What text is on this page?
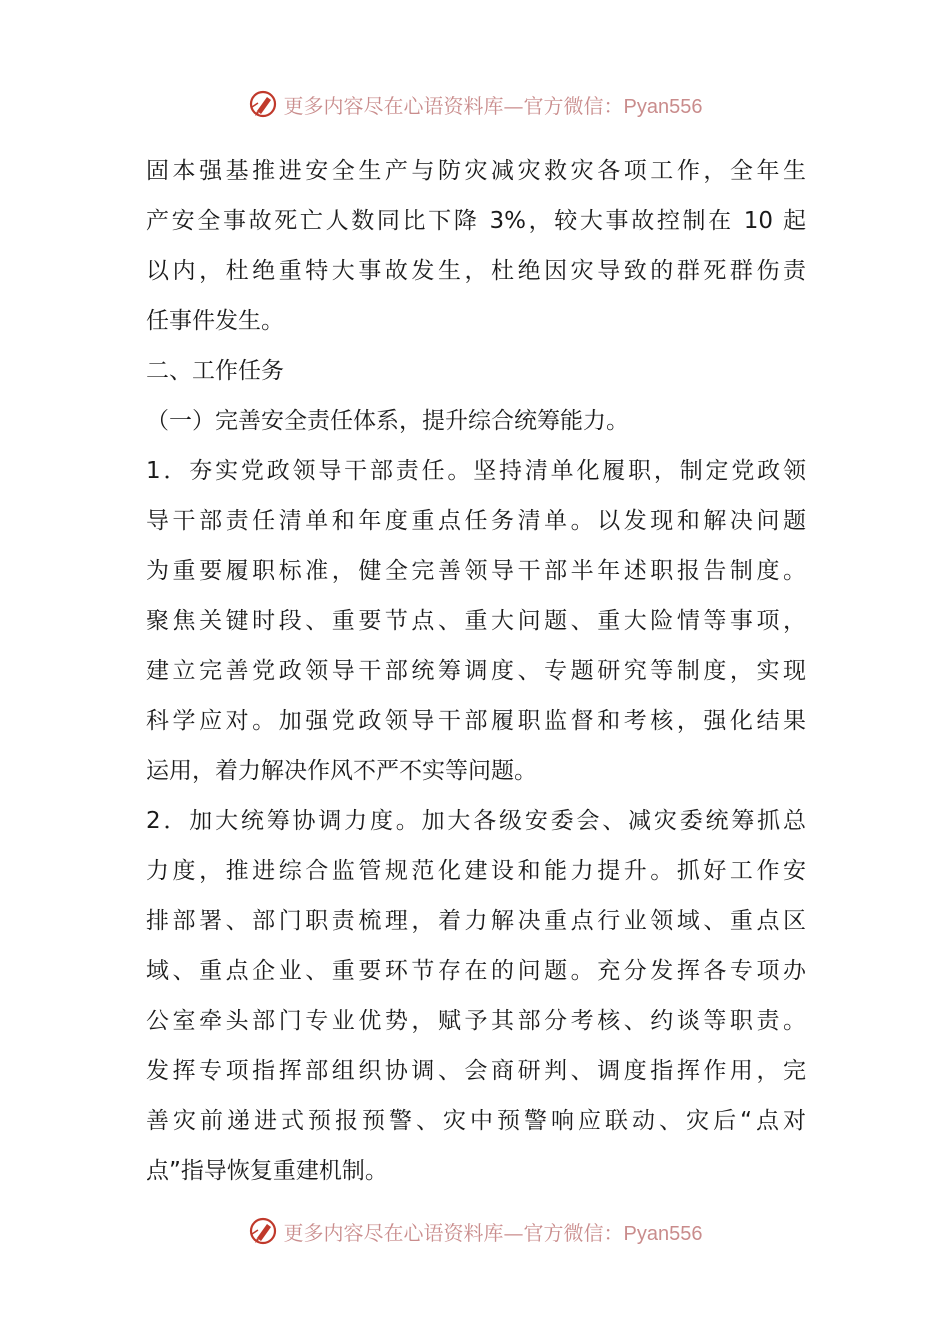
更多内容尽在心语资料库—官方微信：Pyan556
固本强基推进安全生产与防灾减灾救灾各项工作，全年生
产安全事故死亡人数同比下降 3%，较大事故控制在 10 起
以内，杜绝重特大事故发生，杜绝因灾导致的群死群伤责
任事件发生。
二、工作任务
（一）完善安全责任体系，提升综合统筹能力。
1．夯实党政领导干部责任。坚持清单化履职，制定党政领
导干部责任清单和年度重点任务清单。以发现和解决问题
为重要履职标准，健全完善领导干部半年述职报告制度。
聚焦关键时段、重要节点、重大问题、重大险情等事项，
建立完善党政领导干部统筹调度、专题研究等制度，实现
科学应对。加强党政领导干部履职监督和考核，强化结果
运用，着力解决作风不严不实等问题。
2．加大统筹协调力度。加大各级安委会、减灾委统筹抓总
力度，推进综合监管规范化建设和能力提升。抓好工作安
排部署、部门职责梳理，着力解决重点行业领域、重点区
域、重点企业、重要环节存在的问题。充分发挥各专项办
公室牵头部门专业优势，赋予其部分考核、约谈等职责。
发挥专项指挥部组织协调、会商研判、调度指挥作用，完
善灾前递进式预报预警、灾中预警响应联动、灾后“点对
点”指导恢复重建机制。
更多内容尽在心语资料库—官方微信：Pyan556
